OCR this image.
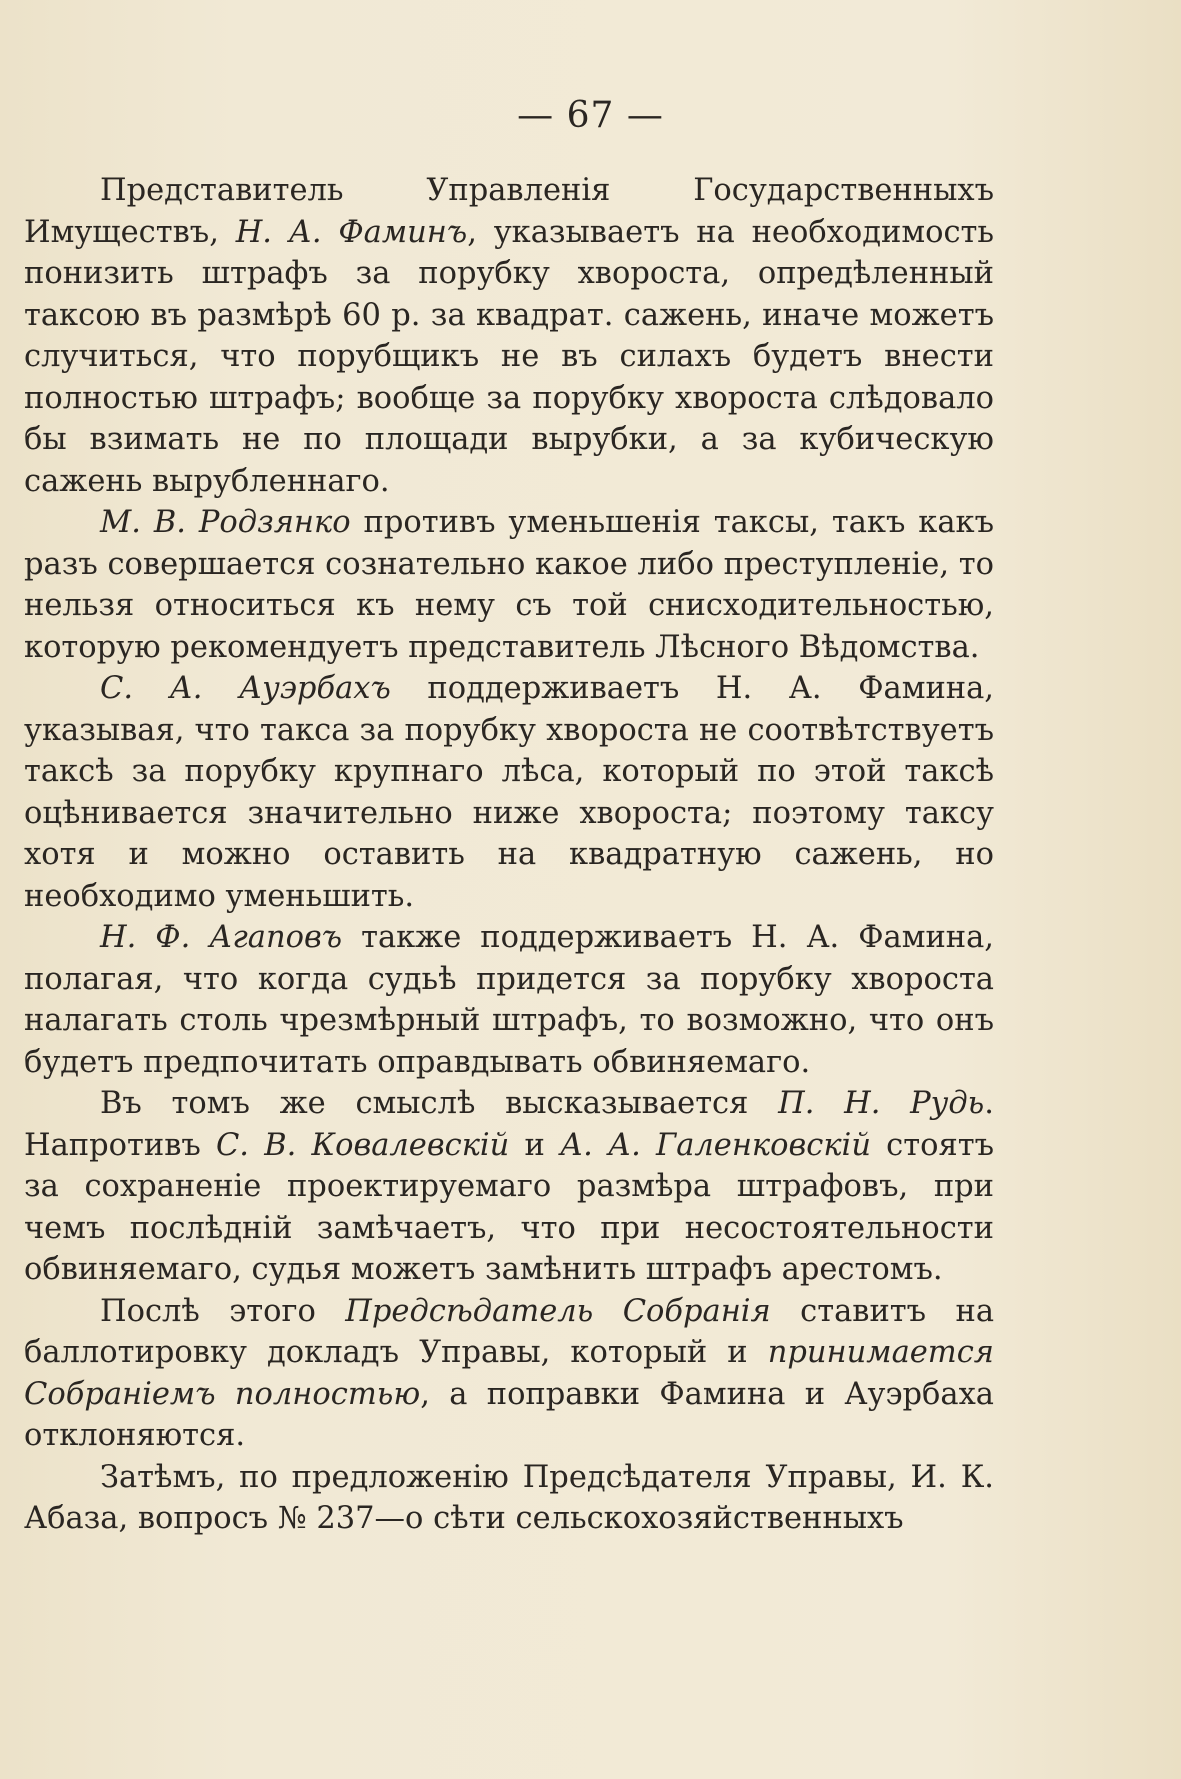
— 67 —

Представитель Управленія Государственныхъ Имуществъ, Н. А. Фаминъ, указываетъ на необходимость понизить штрафъ за порубку хвороста, опредѣленный таксою въ размѣрѣ 60 р. за квадрат. сажень, иначе можетъ случиться, что порубщикъ не въ силахъ будетъ внести полностью штрафъ; вообще за порубку хвороста слѣдовало бы взимать не по площади вырубки, а за кубическую сажень вырубленнаго.

М. В. Родзянко противъ уменьшенія таксы, такъ какъ разъ совершается сознательно какое либо преступленіе, то нельзя относиться къ нему съ той снисходительностью, которую рекомендуетъ представитель Лѣсного Вѣдомства.

С. А. Ауэрбахъ поддерживаетъ Н. А. Фамина, указывая, что такса за порубку хвороста не соотвѣтствуетъ таксѣ за порубку крупнаго лѣса, который по этой таксѣ оцѣнивается значительно ниже хвороста; поэтому таксу хотя и можно оставить на квадратную сажень, но необходимо уменьшить.

Н. Ф. Агаповъ также поддерживаетъ Н. А. Фамина, полагая, что когда судьѣ придется за порубку хвороста налагать столь чрезмѣрный штрафъ, то возможно, что онъ будетъ предпочитать оправдывать обвиняемаго.

Въ томъ же смыслѣ высказывается П. Н. Рудь. Напротивъ С. В. Ковалевскій и А. А. Галенковскій стоятъ за сохраненіе проектируемаго размѣра штрафовъ, при чемъ послѣдній замѣчаетъ, что при несостоятельности обвиняемаго, судья можетъ замѣнить штрафъ арестомъ.

Послѣ этого Предсѣдатель Собранія ставитъ на баллотировку докладъ Управы, который и принимается Собраніемъ полностью, а поправки Фамина и Ауэрбаха отклоняются.

Затѣмъ, по предложенію Предсѣдателя Управы, И. К. Абаза, вопросъ № 237—о сѣти сельскохозяйственныхъ
